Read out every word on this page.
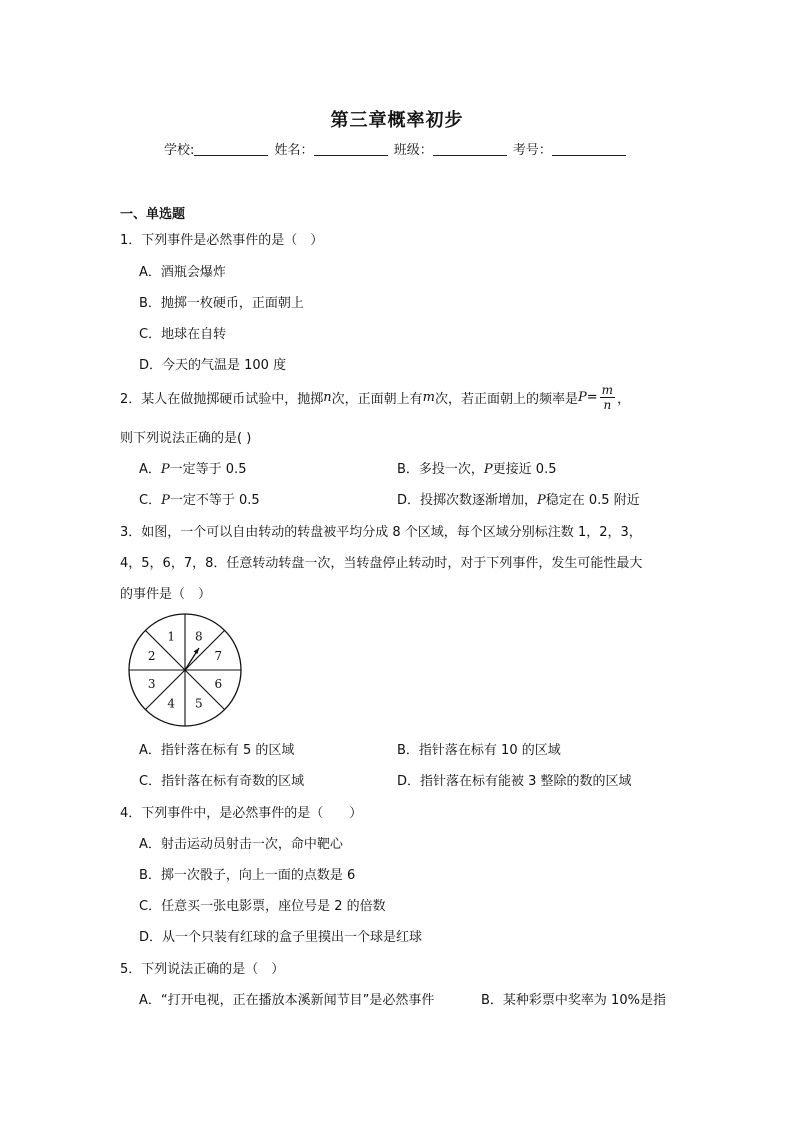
第三章概率初步
学校:	姓名：	班级：	考号：
一、单选题
1．下列事件是必然事件的是（　）
A．酒瓶会爆炸
B．抛掷一枚硬币，正面朝上
C．地球在自转
D．今天的气温是 100 度
2．某人在做抛掷硬币试验中，抛掷 n 次，正面朝上有 m 次，若正面朝上的频率是 $P = \frac{m}{n}$ ，
则下列说法正确的是( )
A．P一定等于 0.5	B．多投一次，P更接近 0.5
C．P一定不等于 0.5	D．投掷次数逐渐增加，P稳定在 0.5 附近
3．如图，一个可以自由转动的转盘被平均分成 8 个区域，每个区域分别标注数 1，2，3，
4，5，6，7，8．任意转动转盘一次，当转盘停止转动时，对于下列事件，发生可能性最大
的事件是（　）
1 8
7
6
5
4
3
2
A．指针落在标有 5 的区域	B．指针落在标有 10 的区域
C．指针落在标有奇数的区域	D．指针落在标有能被 3 整除的数的区域
4．下列事件中，是必然事件的是（　　）
A．射击运动员射击一次，命中靶心
B．掷一次骰子，向上一面的点数是 6
C．任意买一张电影票，座位号是 2 的倍数
D．从一个只装有红球的盒子里摸出一个球是红球
5．下列说法正确的是（　）
A．“打开电视，正在播放本溪新闻节目”是必然事件	B．某种彩票中奖率为 10%是指
